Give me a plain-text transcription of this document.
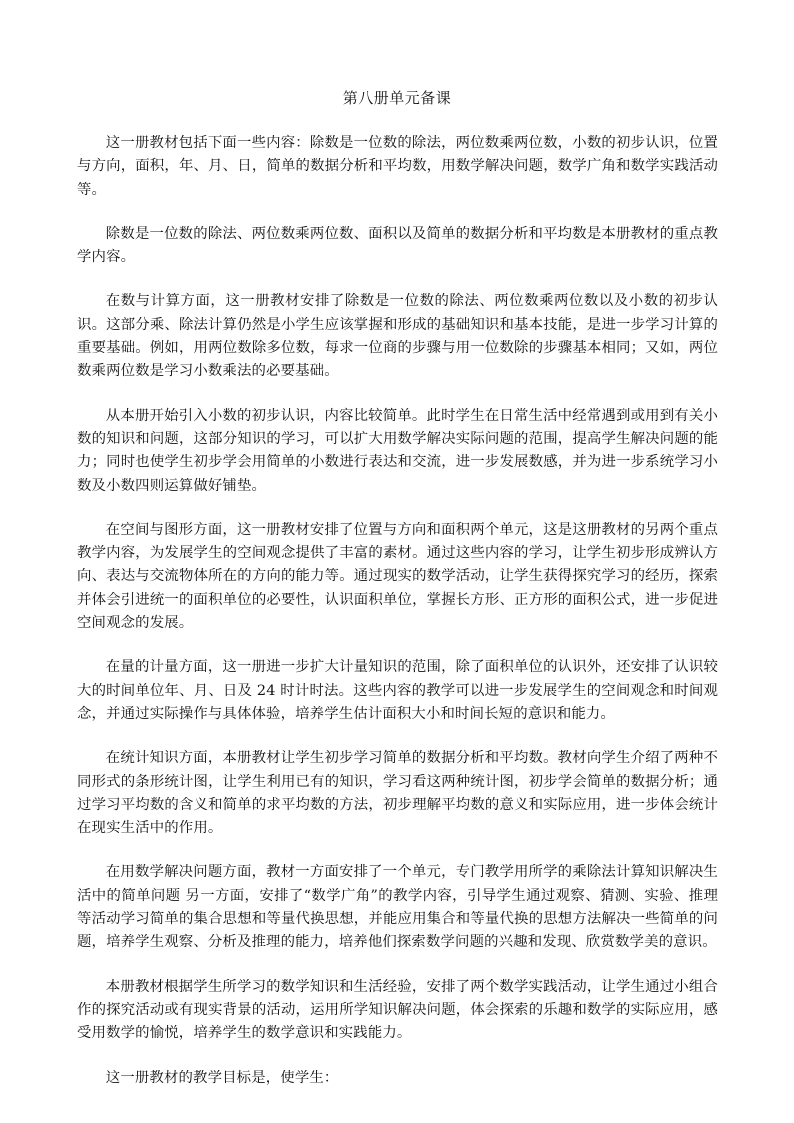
第八册单元备课

这一册教材包括下面一些内容：除数是一位数的除法，两位数乘两位数，小数的初步认识，位置与方向，面积，年、月、日，简单的数据分析和平均数，用数学解决问题，数学广角和数学实践活动等。

除数是一位数的除法、两位数乘两位数、面积以及简单的数据分析和平均数是本册教材的重点教学内容。

在数与计算方面，这一册教材安排了除数是一位数的除法、两位数乘两位数以及小数的初步认识。这部分乘、除法计算仍然是小学生应该掌握和形成的基础知识和基本技能，是进一步学习计算的重要基础。例如，用两位数除多位数，每求一位商的步骤与用一位数除的步骤基本相同；又如，两位数乘两位数是学习小数乘法的必要基础。

从本册开始引入小数的初步认识，内容比较简单。此时学生在日常生活中经常遇到或用到有关小数的知识和问题，这部分知识的学习，可以扩大用数学解决实际问题的范围，提高学生解决问题的能力；同时也使学生初步学会用简单的小数进行表达和交流，进一步发展数感，并为进一步系统学习小数及小数四则运算做好铺垫。

在空间与图形方面，这一册教材安排了位置与方向和面积两个单元，这是这册教材的另两个重点教学内容，为发展学生的空间观念提供了丰富的素材。通过这些内容的学习，让学生初步形成辨认方向、表达与交流物体所在的方向的能力等。通过现实的数学活动，让学生获得探究学习的经历，探索并体会引进统一的面积单位的必要性，认识面积单位，掌握长方形、正方形的面积公式，进一步促进空间观念的发展。

在量的计量方面，这一册进一步扩大计量知识的范围，除了面积单位的认识外，还安排了认识较大的时间单位年、月、日及 24 时计时法。这些内容的教学可以进一步发展学生的空间观念和时间观念，并通过实际操作与具体体验，培养学生估计面积大小和时间长短的意识和能力。

在统计知识方面，本册教材让学生初步学习简单的数据分析和平均数。教材向学生介绍了两种不同形式的条形统计图，让学生利用已有的知识，学习看这两种统计图，初步学会简单的数据分析；通过学习平均数的含义和简单的求平均数的方法，初步理解平均数的意义和实际应用，进一步体会统计在现实生活中的作用。

在用数学解决问题方面，教材一方面安排了一个单元，专门教学用所学的乘除法计算知识解决生活中的简单问题 另一方面，安排了“数学广角”的教学内容，引导学生通过观察、猜测、实验、推理等活动学习简单的集合思想和等量代换思想，并能应用集合和等量代换的思想方法解决一些简单的问题，培养学生观察、分析及推理的能力，培养他们探索数学问题的兴趣和发现、欣赏数学美的意识。

本册教材根据学生所学习的数学知识和生活经验，安排了两个数学实践活动，让学生通过小组合作的探究活动或有现实背景的活动，运用所学知识解决问题，体会探索的乐趣和数学的实际应用，感受用数学的愉悦，培养学生的数学意识和实践能力。

这一册教材的教学目标是，使学生：
